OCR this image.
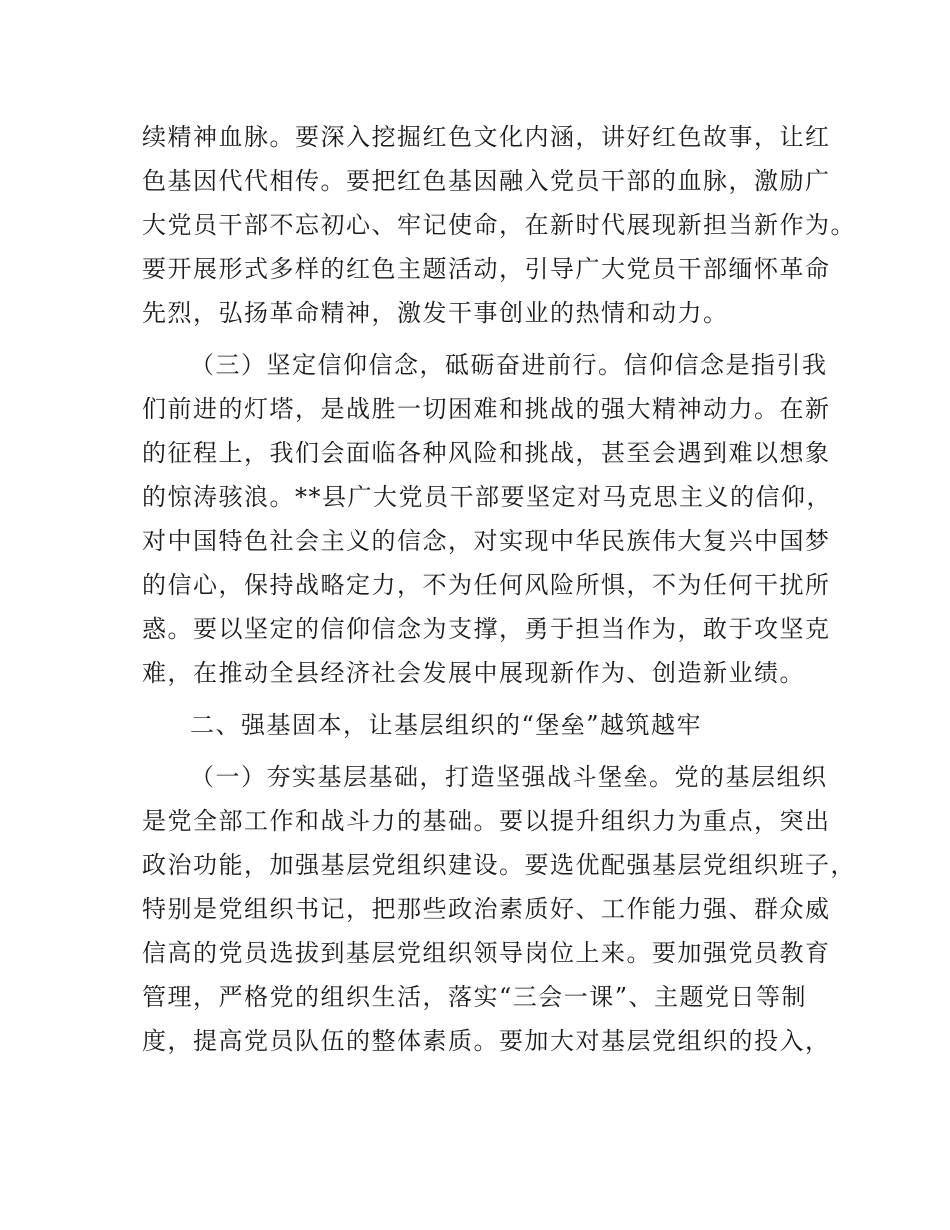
续精神血脉。要深入挖掘红色文化内涵，讲好红色故事，让红
色基因代代相传。要把红色基因融入党员干部的血脉，激励广
大党员干部不忘初心、牢记使命，在新时代展现新担当新作为。
要开展形式多样的红色主题活动，引导广大党员干部缅怀革命
先烈，弘扬革命精神，激发干事创业的热情和动力。
（三）坚定信仰信念，砥砺奋进前行。信仰信念是指引我
们前进的灯塔，是战胜一切困难和挑战的强大精神动力。在新
的征程上，我们会面临各种风险和挑战，甚至会遇到难以想象
的惊涛骇浪。**县广大党员干部要坚定对马克思主义的信仰，
对中国特色社会主义的信念，对实现中华民族伟大复兴中国梦
的信心，保持战略定力，不为任何风险所惧，不为任何干扰所
惑。要以坚定的信仰信念为支撑，勇于担当作为，敢于攻坚克
难，在推动全县经济社会发展中展现新作为、创造新业绩。
二、强基固本，让基层组织的“堡垒”越筑越牢
（一）夯实基层基础，打造坚强战斗堡垒。党的基层组织
是党全部工作和战斗力的基础。要以提升组织力为重点，突出
政治功能，加强基层党组织建设。要选优配强基层党组织班子，
特别是党组织书记，把那些政治素质好、工作能力强、群众威
信高的党员选拔到基层党组织领导岗位上来。要加强党员教育
管理，严格党的组织生活，落实“三会一课”、主题党日等制
度，提高党员队伍的整体素质。要加大对基层党组织的投入，
